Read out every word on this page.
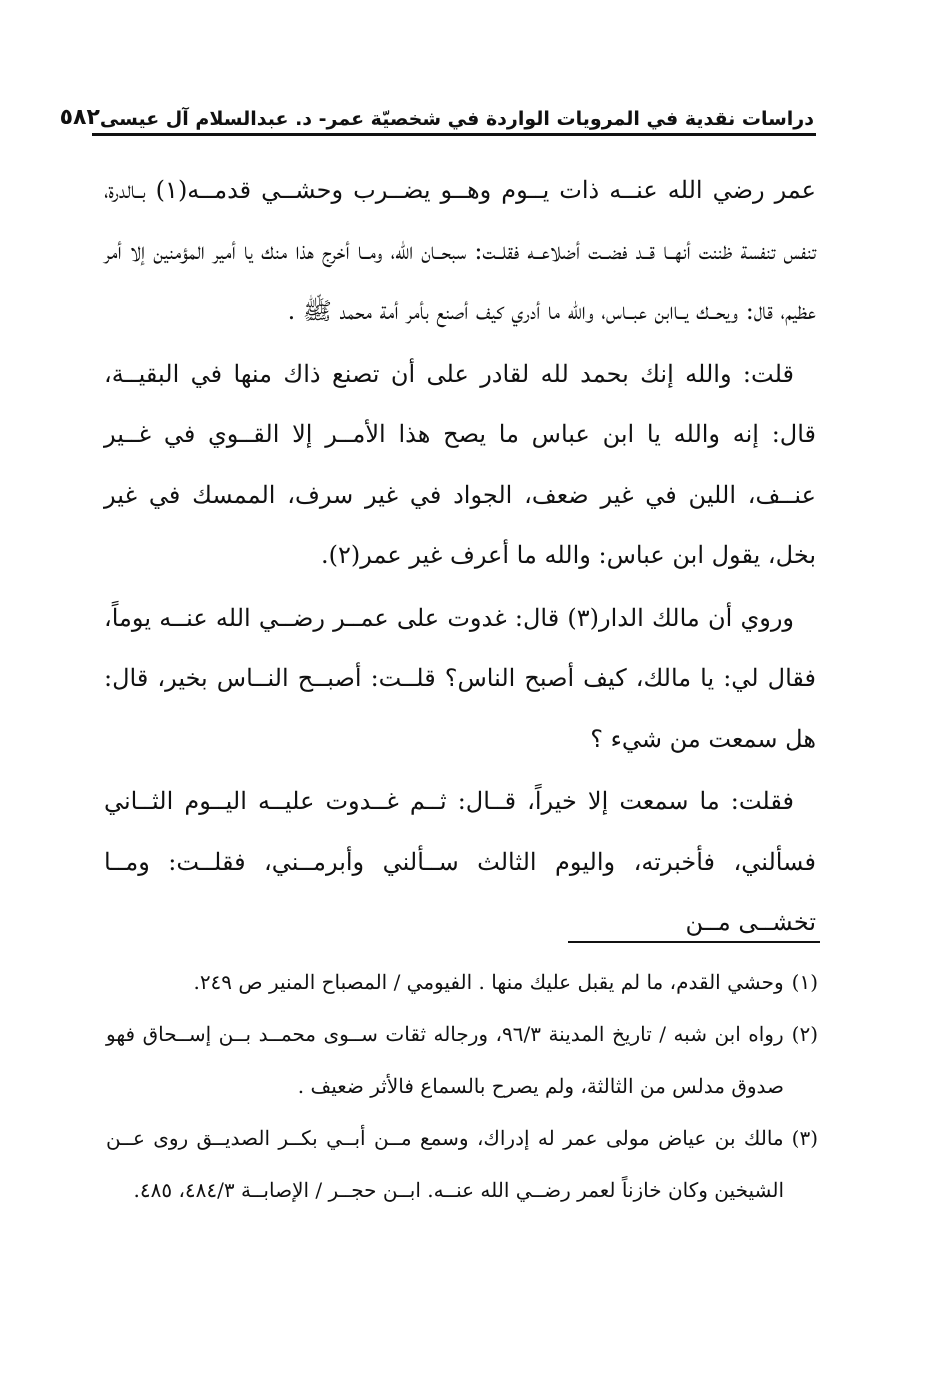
دراسات نقدية في المرويات الواردة في شخصيّة عمر- د. عبدالسلام آل عيسى
٥٨٢

عمر رضي الله عنــه ذات يــوم وهــو يضــرب وحشــي قدمــه(١) بــالدرة، تنفس تنفسة ظننت أنهــا قــد فضــت أضلاعــه فقلــت: سبحــان الله، ومــا أخرج هذا منك يا أمير المؤمنين إلا أمر عظيم، قال: ويحــك يــاابن عبــاس، والله ما أدري كيف أصنع بأمر أمة محمد ﷺ .

قلت: والله إنك بحمد لله لقادر على أن تصنع ذاك منها في البقيــة، قال: إنه والله يا ابن عباس ما يصح هذا الأمــر إلا القــوي في غــير عنــف، اللين في غير ضعف، الجواد في غير سرف، الممسك في غير بخل، يقول ابن عباس: والله ما أعرف غير عمر(٢).

وروي أن مالك الدار(٣) قال: غدوت على عمــر رضــي الله عنــه يوماً، فقال لي: يا مالك، كيف أصبح الناس؟ قلــت: أصبــح النــاس بخير، قال: هل سمعت من شيء ؟

فقلت: ما سمعت إلا خيراً، قــال: ثــم غــدوت عليــه اليــوم الثــاني فسألني، فأخبرته، واليوم الثالث ســألني وأبرمــني، فقلــت: ومــا تخشــى مــن

(١)وحشي القدم، ما لم يقبل عليك منها . الفيومي / المصباح المنير ص ٢٤٩.

(٢)رواه ابن شبه / تاريخ المدينة ٩٦/٣، ورجاله ثقات ســوى محمــد بــن إســحاق فهو صدوق مدلس من الثالثة، ولم يصرح بالسماع فالأثر ضعيف .

(٣)مالك بن عياض مولى عمر له إدراك، وسمع مــن أبــي بكــر الصديــق روى عــن الشيخين وكان خازناً لعمر رضــي الله عنــه. ابــن حجــر / الإصابــة ٤٨٤/٣، ٤٨٥.
